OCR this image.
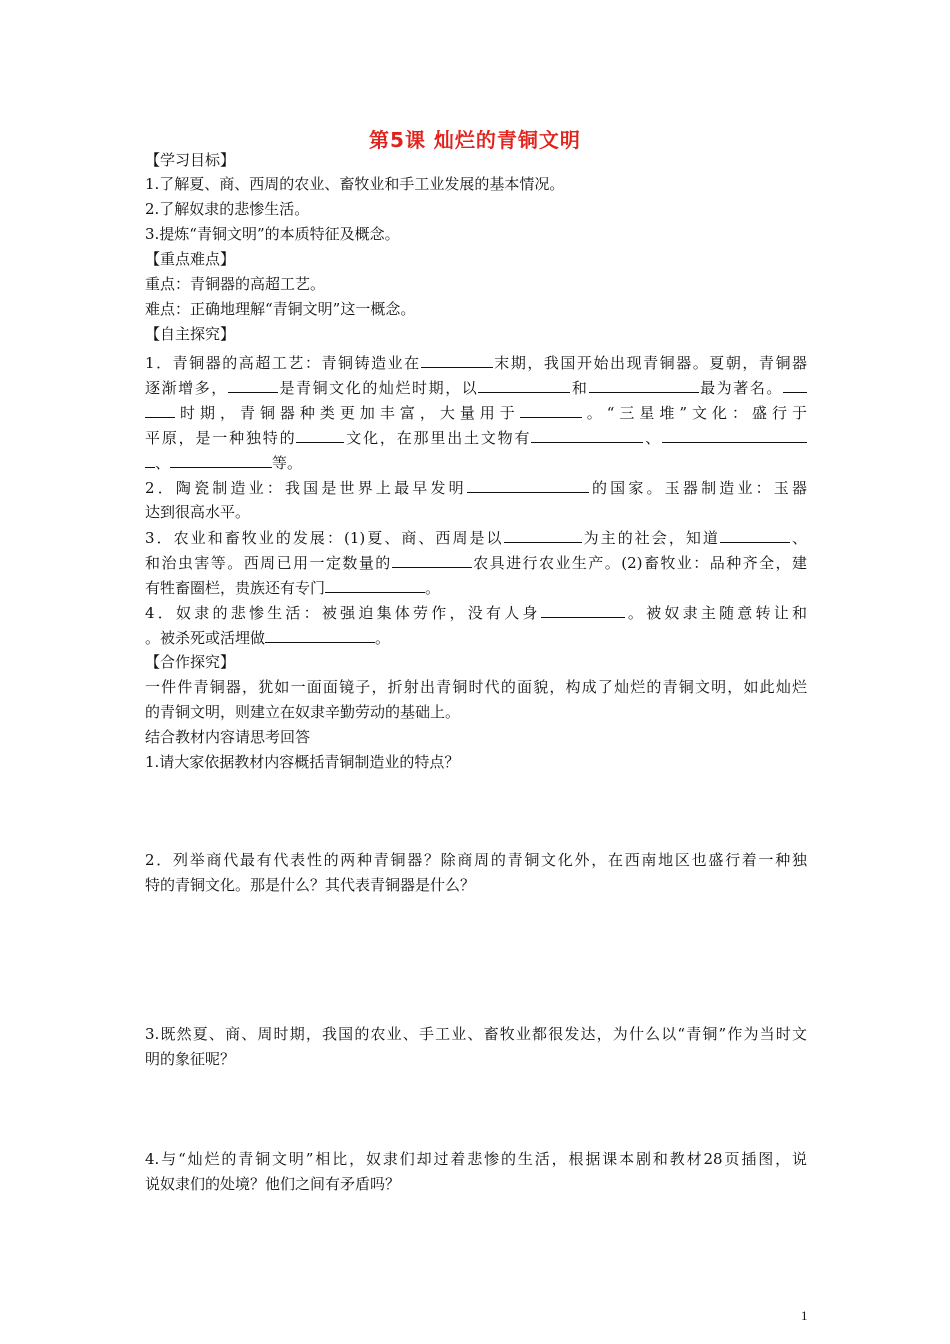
第5课 灿烂的青铜文明
【学习目标】
1.了解夏、商、西周的农业、畜牧业和手工业发展的基本情况。
2.了解奴隶的悲惨生活。
3.提炼“青铜文明”的本质特征及概念。
【重点难点】
重点：青铜器的高超工艺。
难点：正确地理解“青铜文明”这一概念。
【自主探究】
1．青铜器的高超工艺：青铜铸造业在	末期，我国开始出现青铜器。夏朝，青铜器
逐渐增多，	是青铜文化的灿烂时期，以	和	最为著名。
时期，青铜器种类更加丰富，大量用于	。“三星堆”文化：盛行于
平原，是一种独特的	文化，在那里出土文物有	、
、	等。
2．陶瓷制造业：我国是世界上最早发明	的国家。玉器制造业：玉器
达到很高水平。
3．农业和畜牧业的发展：(1)夏、商、西周是以	为主的社会，知道	、
和治虫害等。西周已用一定数量的	农具进行农业生产。(2)畜牧业：品种齐全，建
有牲畜圈栏，贵族还有专门	。
4．奴隶的悲惨生活：被强迫集体劳作，没有人身	。被奴隶主随意转让和
。被杀死或活埋做	。
【合作探究】
一件件青铜器，犹如一面面镜子，折射出青铜时代的面貌，构成了灿烂的青铜文明，如此灿烂
的青铜文明，则建立在奴隶辛勤劳动的基础上。
结合教材内容请思考回答
1.请大家依据教材内容概括青铜制造业的特点？
2．列举商代最有代表性的两种青铜器？除商周的青铜文化外，在西南地区也盛行着一种独
特的青铜文化。那是什么？其代表青铜器是什么？
3.既然夏、商、周时期，我国的农业、手工业、畜牧业都很发达，为什么以“青铜”作为当时文
明的象征呢？
4.与“灿烂的青铜文明”相比，奴隶们却过着悲惨的生活，根据课本剧和教材28页插图，说
说奴隶们的处境？他们之间有矛盾吗？
1
